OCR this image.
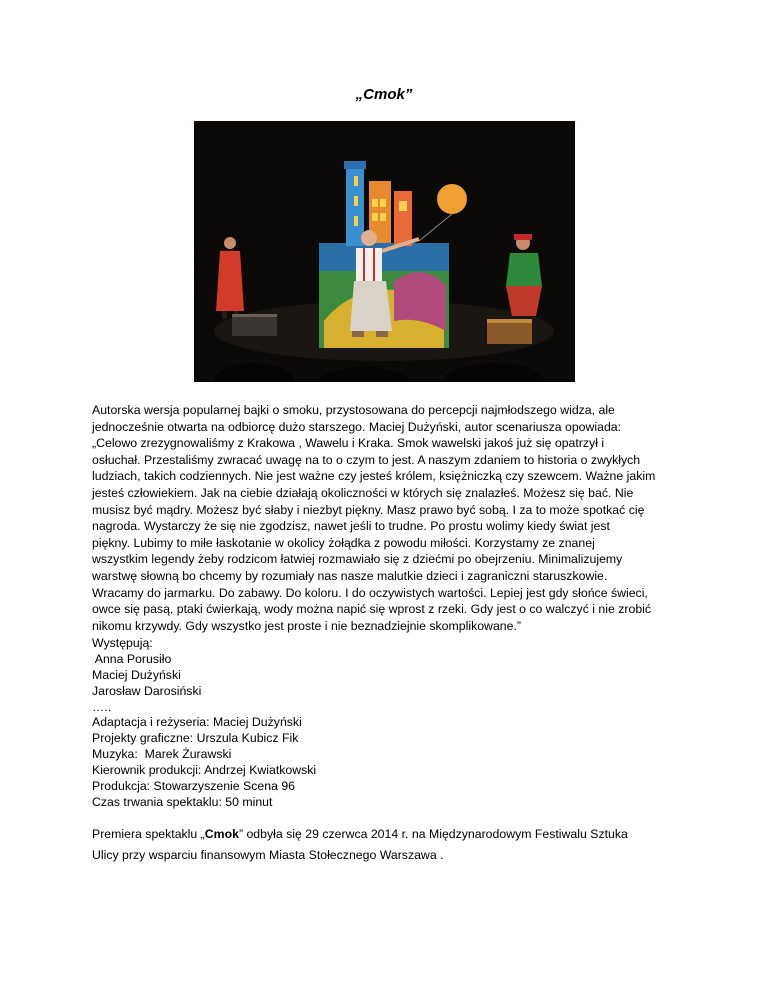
„Cmok”
Autorska wersja popularnej bajki o smoku, przystosowana do percepcji najmłodszego widza, ale
jednocześnie otwarta na odbiorcę dużo starszego. Maciej Dużyński, autor scenariusza opowiada:
„Celowo zrezygnowaliśmy z Krakowa , Wawelu i Kraka. Smok wawelski jakoś już się opatrzył i
osłuchał. Przestaliśmy zwracać uwagę na to o czym to jest. A naszym zdaniem to historia o zwykłych
ludziach, takich codziennych. Nie jest ważne czy jesteś królem, księżniczką czy szewcem. Ważne jakim
jesteś człowiekiem. Jak na ciebie działają okoliczności w których się znalazłeś. Możesz się bać. Nie
musisz być mądry. Możesz być słaby i niezbyt piękny. Masz prawo być sobą. I za to może spotkać cię
nagroda. Wystarczy że się nie zgodzisz, nawet jeśli to trudne. Po prostu wolimy kiedy świat jest
piękny. Lubimy to miłe łaskotanie w okolicy żołądka z powodu miłości. Korzystamy ze znanej
wszystkim legendy żeby rodzicom łatwiej rozmawiało się z dziećmi po obejrzeniu. Minimalizujemy
warstwę słowną bo chcemy by rozumiały nas nasze malutkie dzieci i zagraniczni staruszkowie.
Wracamy do jarmarku. Do zabawy. Do koloru. I do oczywistych wartości. Lepiej jest gdy słońce świeci,
owce się pasą, ptaki ćwierkają, wody można napić się wprost z rzeki. Gdy jest o co walczyć i nie zrobić
nikomu krzywdy. Gdy wszystko jest proste i nie beznadziejnie skomplikowane.”
Występują:
Anna Porusiło
Maciej Dużyński
Jarosław Darosiński
…..
Adaptacja i reżyseria: Maciej Dużyński
Projekty graficzne: Urszula Kubicz Fik
Muzyka:  Marek Żurawski
Kierownik produkcji: Andrzej Kwiatkowski
Produkcja: Stowarzyszenie Scena 96
Czas trwania spektaklu: 50 minut
Premiera spektaklu „Cmok” odbyła się 29 czerwca 2014 r. na Międzynarodowym Festiwalu Sztuka
Ulicy przy wsparciu finansowym Miasta Stołecznego Warszawa .
